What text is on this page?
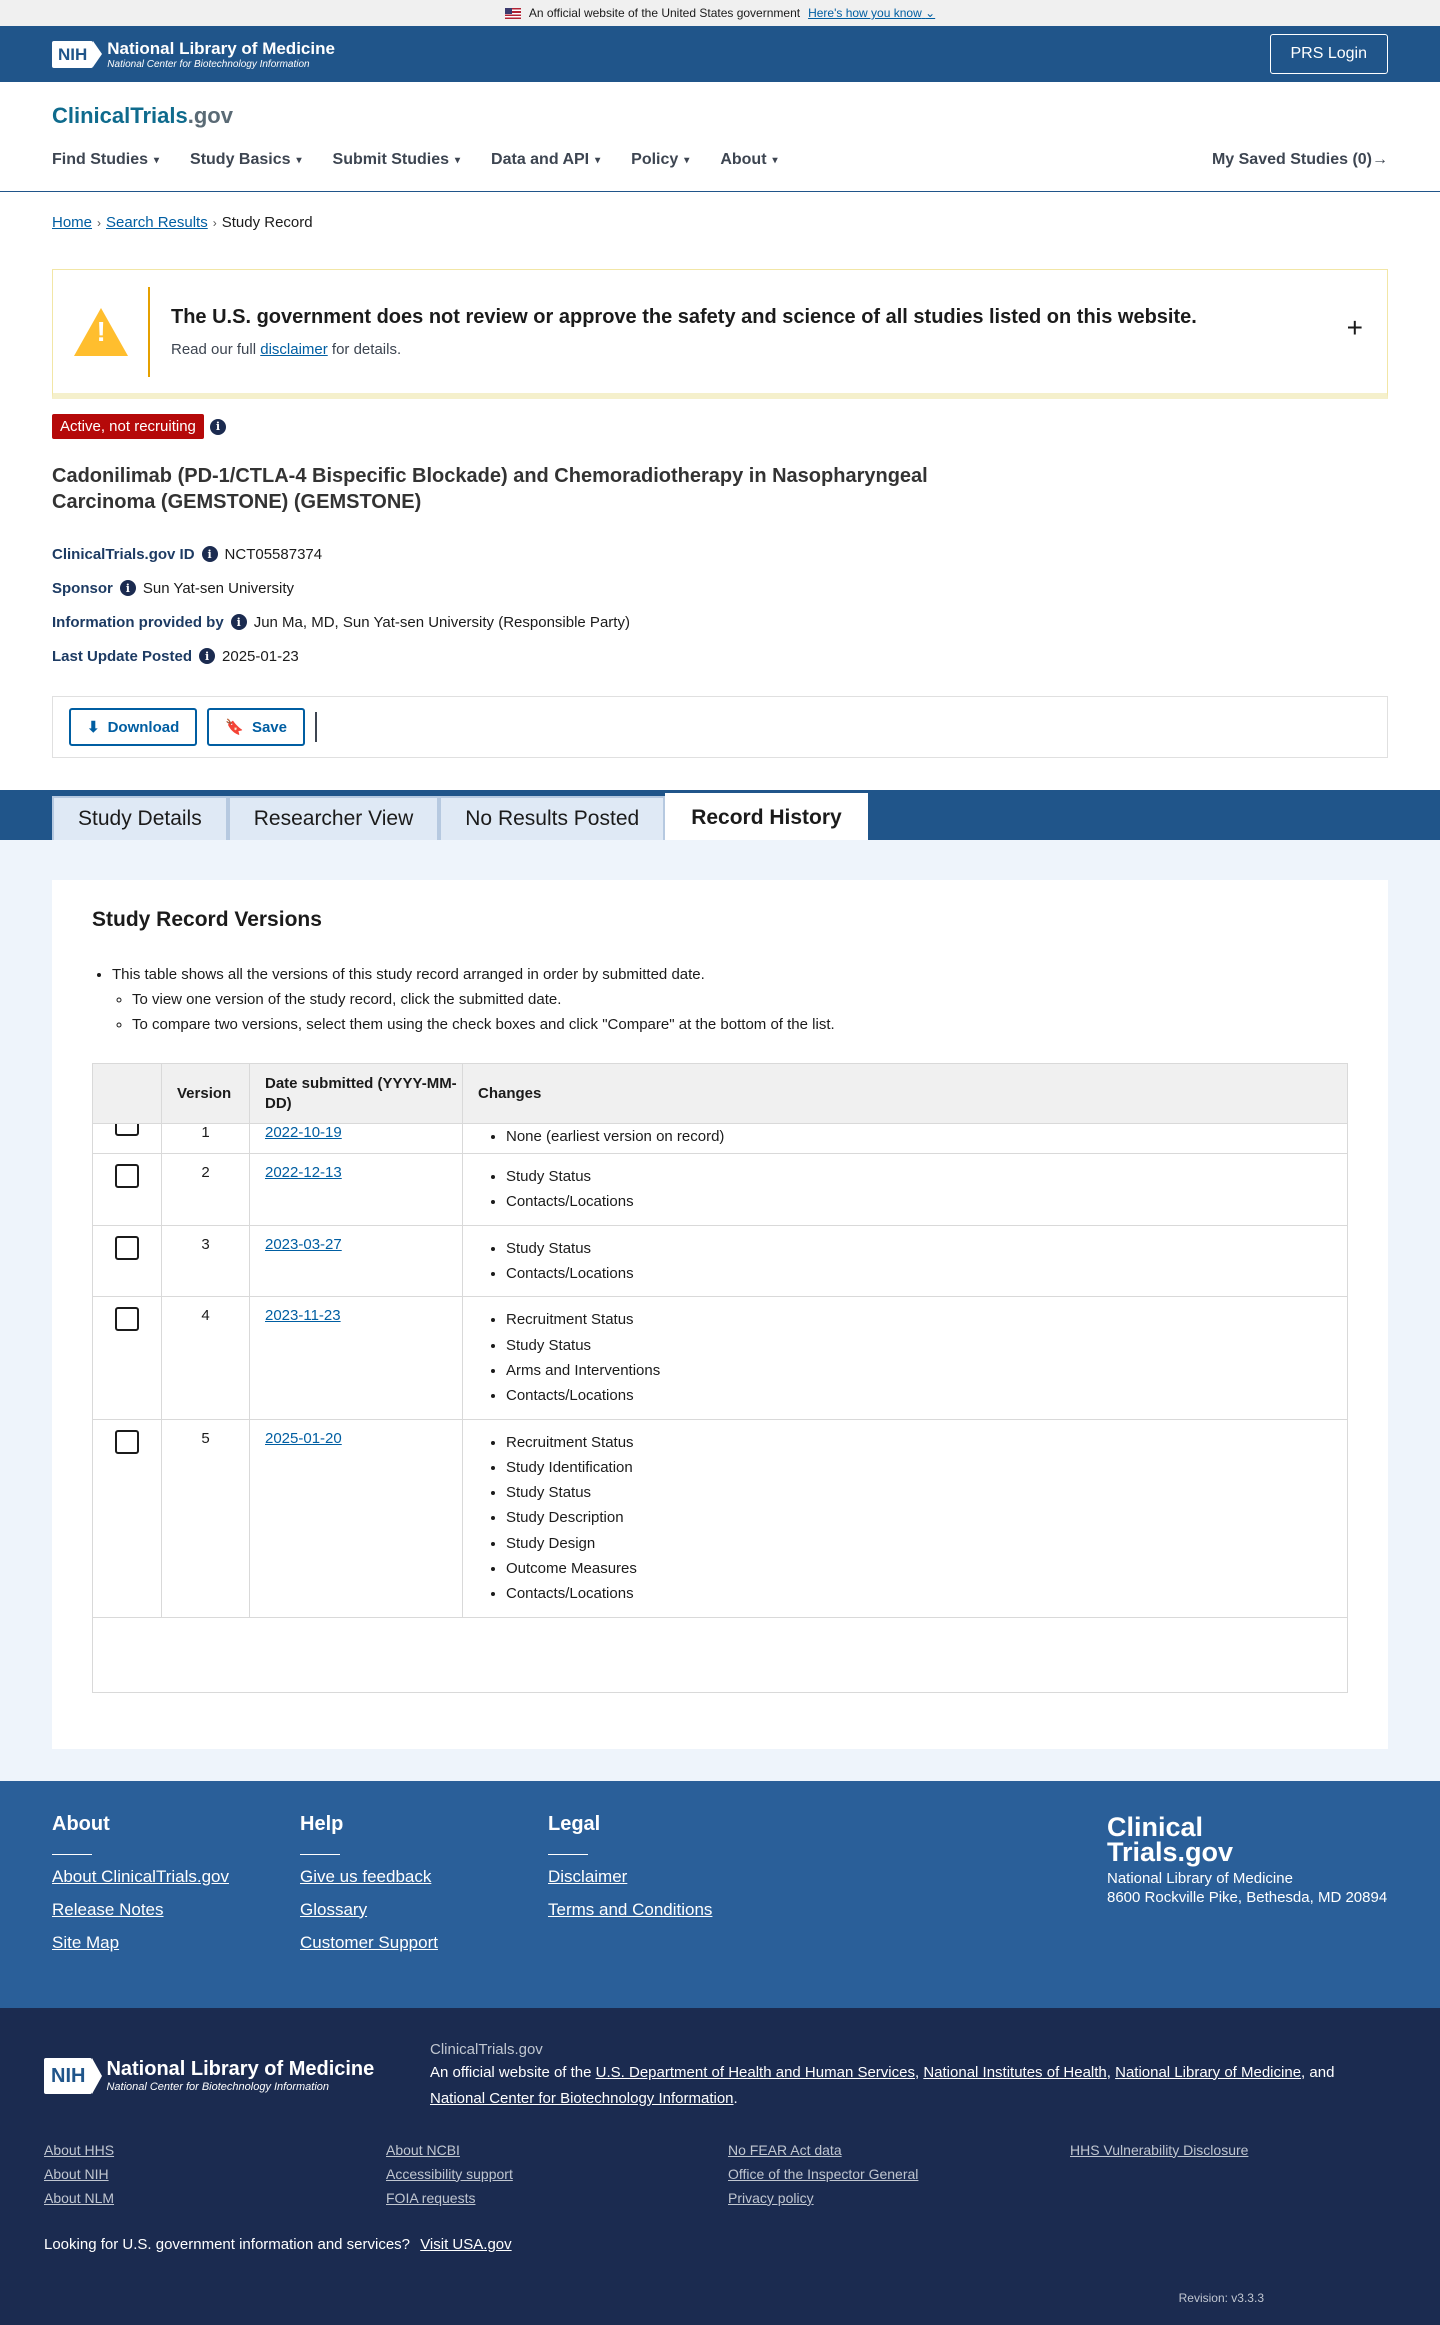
An official website of the United States government Here's how you know ⌄
NIH	National Library of Medicine
National Center for Biotechnology Information
PRS Login
ClinicalTrials.gov
Find Studies ▾ Study Basics ▾ Submit Studies ▾ Data and API ▾ Policy ▾ About ▾	My Saved Studies (0)→
Home › Search Results › Study Record
!	The U.S. government does not review or approve the safety and science of all studies listed on this website.
Read our full disclaimer for details.
+
Active, not recruiting	i
Cadonilimab (PD-1/CTLA-4 Bispecific Blockade) and Chemoradiotherapy in Nasopharyngeal Carcinoma (GEMSTONE) (GEMSTONE)
ClinicalTrials.gov ID	i NCT05587374
Sponsor	i Sun Yat-sen University
Information provided by	i Jun Ma, MD, Sun Yat-sen University (Responsible Party)
Last Update Posted	i 2025-01-23
⬇ Download	🔖 Save
Study Details	Researcher View	No Results Posted	Record History
Study Record Versions
• This table shows all the versions of this study record arranged in order by submitted date.
◦ To view one version of the study record, click the submitted date.
◦ To compare two versions, select them using the check boxes and click "Compare" at the bottom of the list.
Version
Date submitted (YYYY-MM-DD)
Changes
1	2022-10-19	• None (earliest version on record)
2	2022-12-13	• Study Status
• Contacts/Locations
3	2023-03-27	• Study Status
• Contacts/Locations
4	2023-11-23	• Recruitment Status
• Study Status
• Arms and Interventions
• Contacts/Locations
5	2025-01-20	• Recruitment Status
• Study Identification
• Study Status
• Study Description
• Study Design
• Outcome Measures
• Contacts/Locations
About
About ClinicalTrials.gov
Release Notes
Site Map
Help
Give us feedback
Glossary
Customer Support
Legal
Disclaimer
Terms and Conditions
Clinical
Trials.gov
National Library of Medicine
8600 Rockville Pike, Bethesda, MD 20894
NIH	National Library of Medicine
National Center for Biotechnology Information
ClinicalTrials.gov
An official website of the U.S. Department of Health and Human Services, National Institutes of Health, National Library of Medicine, and National Center for Biotechnology Information.
About HHS	About NCBI	No FEAR Act data	HHS Vulnerability Disclosure
About NIH	Accessibility support	Office of the Inspector General
About NLM	FOIA requests	Privacy policy
Looking for U.S. government information and services? Visit USA.gov
Revision: v3.3.3
